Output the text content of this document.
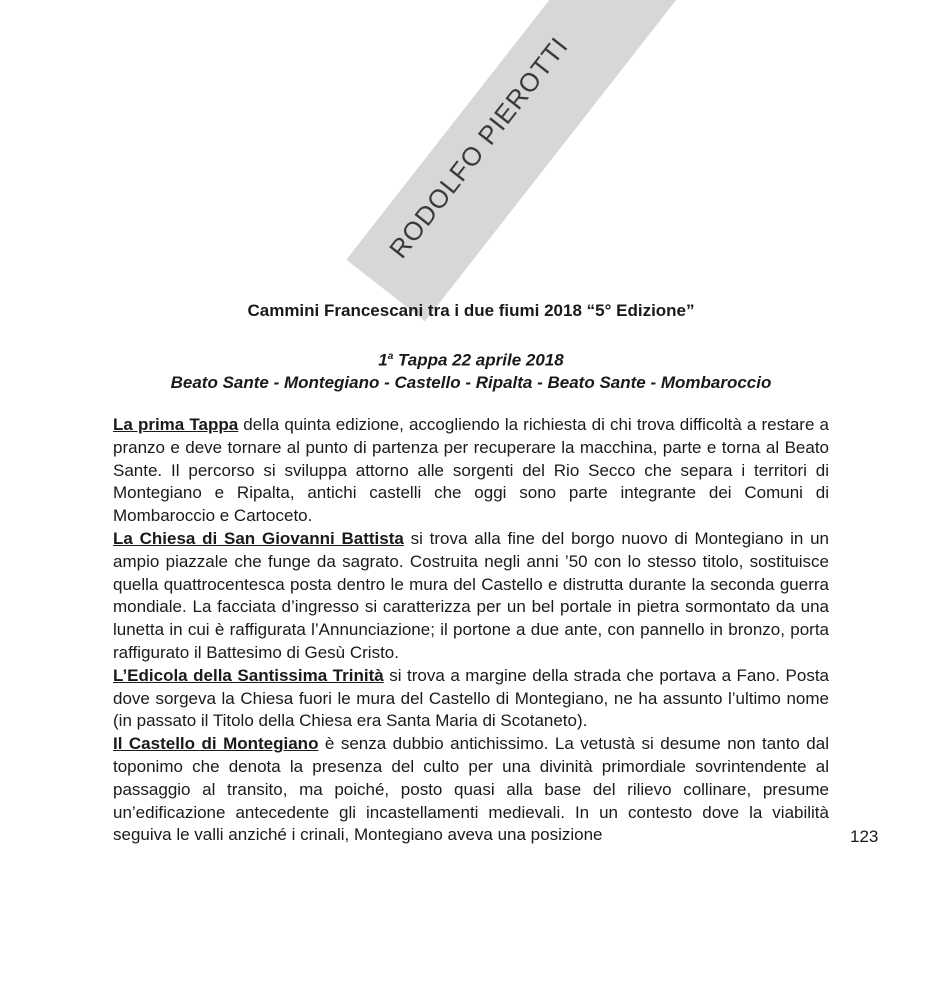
RODOLFO PIEROTTI
Cammini Francescani tra i due fiumi 2018 “5° Edizione”
1$^a$ Tappa 22 aprile 2018
Beato Sante - Montegiano - Castello - Ripalta - Beato Sante - Mombaroccio

La prima Tappa della quinta edizione, accogliendo la richiesta di chi trova difficoltà a restare a pranzo e deve tornare al punto di partenza per recuperare la macchina, parte e torna al Beato Sante. Il percorso si sviluppa attorno alle sorgenti del Rio Secco che separa i territori di Montegiano e Ripalta, antichi castelli che oggi sono parte integrante dei Comuni di Mombaroccio e Cartoceto.

La Chiesa di San Giovanni Battista si trova alla fine del borgo nuovo di Montegiano in un ampio piazzale che funge da sagrato. Costruita negli anni ’50 con lo stesso titolo, sostituisce quella quattrocentesca posta dentro le mura del Castello e distrutta durante la seconda guerra mondiale. La facciata d’ingresso si caratterizza per un bel portale in pietra sormontato da una lunetta in cui è raffigurata l’Annunciazione; il portone a due ante, con pannello in bronzo, porta raffigurato il Battesimo di Gesù Cristo.

L’Edicola della Santissima Trinità si trova a margine della strada che portava a Fano. Posta dove sorgeva la Chiesa fuori le mura del Castello di Montegiano, ne ha assunto l’ultimo nome (in passato il Titolo della Chiesa era Santa Maria di Scotaneto).

Il Castello di Montegiano è senza dubbio antichissimo. La vetustà si desume non tanto dal toponimo che denota la presenza del culto per una divinità primordiale sovrintendente al passaggio al transito, ma poiché, posto quasi alla base del rilievo collinare, presume un’edificazione antecedente gli incastellamenti medievali. In un contesto dove la viabilità seguiva le valli anziché i crinali, Montegiano aveva una posizione	123
